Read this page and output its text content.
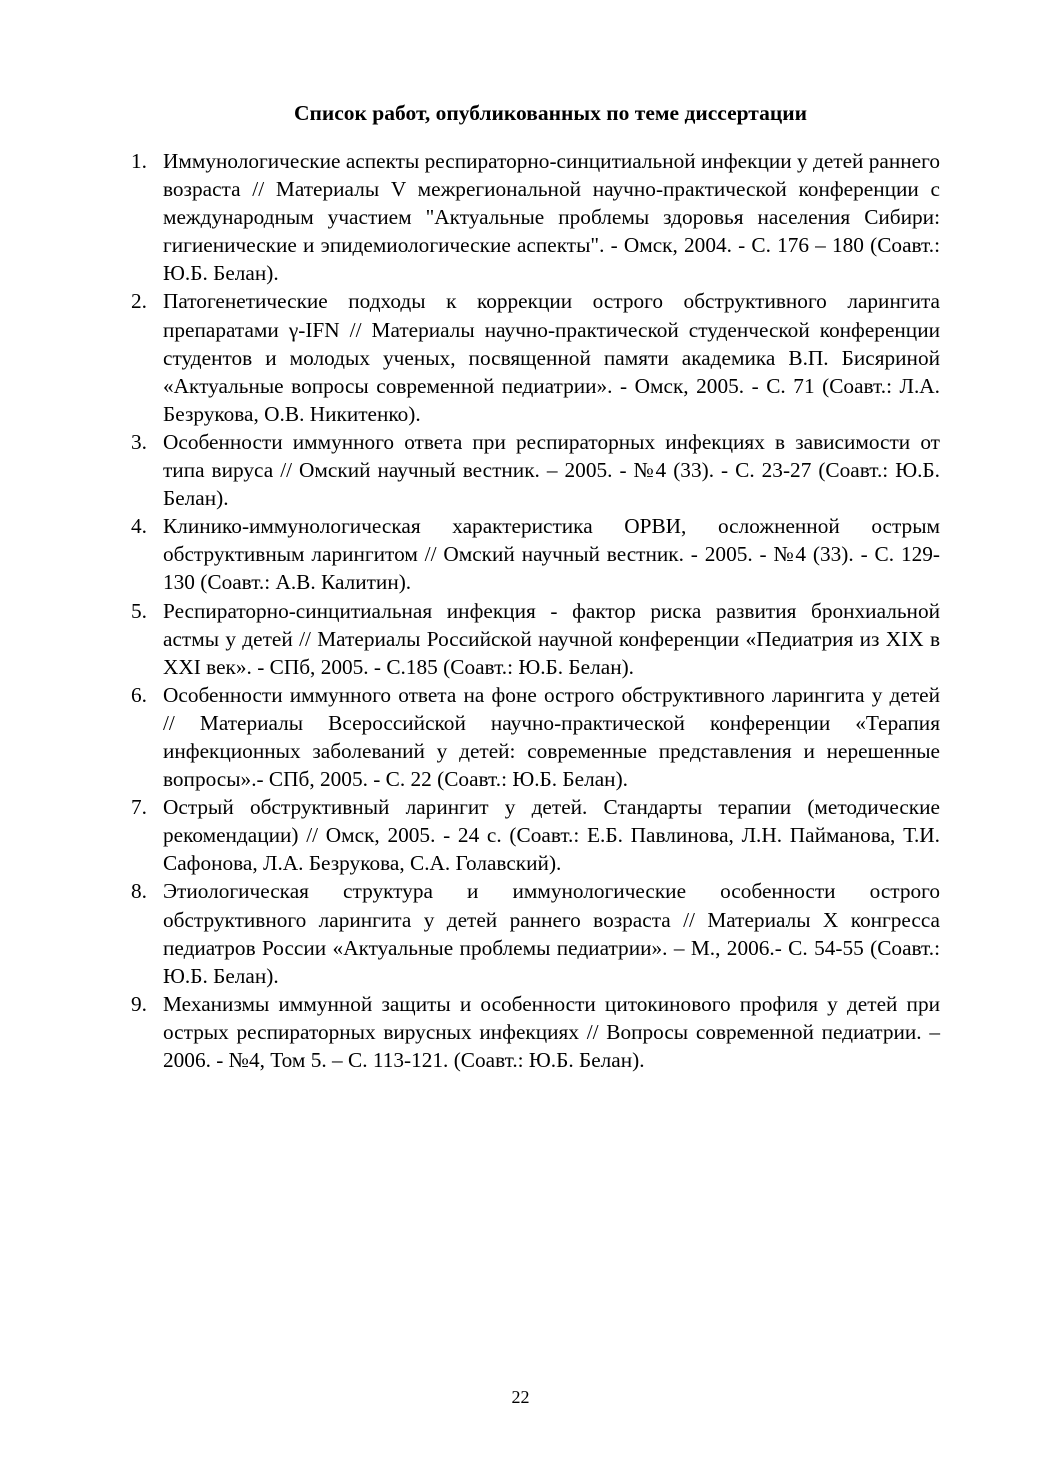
Список работ, опубликованных по теме диссертации
1. Иммунологические аспекты респираторно-синцитиальной инфекции у детей раннего возраста // Материалы V межрегиональной научно-практической конференции с международным участием "Актуальные проблемы здоровья населения Сибири: гигиенические и эпидемиологические аспекты". - Омск, 2004. - С. 176 – 180 (Соавт.: Ю.Б. Белан).
2. Патогенетические подходы к коррекции острого обструктивного ларингита препаратами γ-IFN // Материалы научно-практической студенческой конференции студентов и молодых ученых, посвященной памяти академика В.П. Бисяриной «Актуальные вопросы современной педиатрии». - Омск, 2005. - С. 71 (Соавт.: Л.А. Безрукова, О.В. Никитенко).
3. Особенности иммунного ответа при респираторных инфекциях в зависимости от типа вируса // Омский научный вестник. – 2005. - №4 (33). - С. 23-27 (Соавт.: Ю.Б. Белан).
4. Клинико-иммунологическая характеристика ОРВИ, осложненной острым обструктивным ларингитом // Омский научный вестник. - 2005. - №4 (33). - С. 129-130 (Соавт.: А.В. Калитин).
5. Респираторно-синцитиальная инфекция - фактор риска развития бронхиальной астмы у детей // Материалы Российской научной конференции «Педиатрия из XIX в XXI век». - СПб, 2005. - С.185 (Соавт.: Ю.Б. Белан).
6. Особенности иммунного ответа на фоне острого обструктивного ларингита у детей // Материалы Всероссийской научно-практической конференции «Терапия инфекционных заболеваний у детей: современные представления и нерешенные вопросы».- СПб, 2005. - С. 22 (Соавт.: Ю.Б. Белан).
7. Острый обструктивный ларингит у детей. Стандарты терапии (методические рекомендации) // Омск, 2005. - 24 с. (Соавт.: Е.Б. Павлинова, Л.Н. Пайманова, Т.И. Сафонова, Л.А. Безрукова, С.А. Голавский).
8. Этиологическая структура и иммунологические особенности острого обструктивного ларингита у детей раннего возраста // Материалы X конгресса педиатров России «Актуальные проблемы педиатрии». – М., 2006.- С. 54-55 (Соавт.: Ю.Б. Белан).
9. Механизмы иммунной защиты и особенности цитокинового профиля у детей при острых респираторных вирусных инфекциях // Вопросы современной педиатрии. – 2006. - №4, Том 5. – С. 113-121. (Соавт.: Ю.Б. Белан).
22
